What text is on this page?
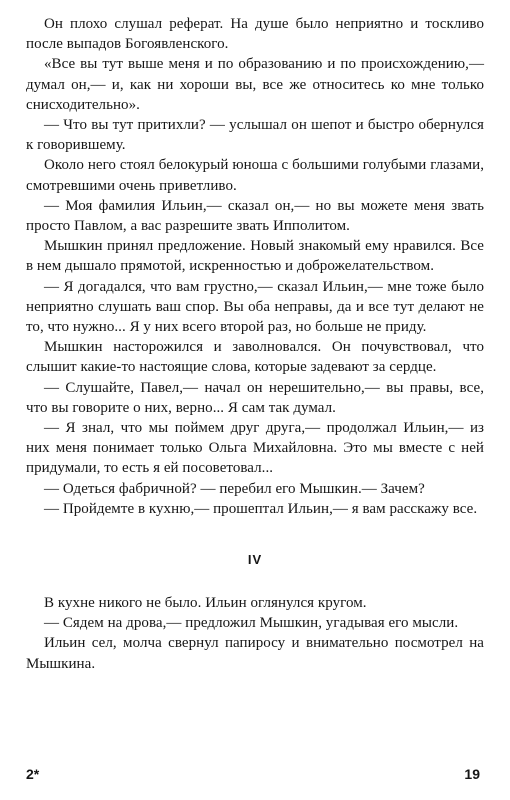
Он плохо слушал реферат. На душе было неприятно и тоскливо после выпадов Богоявленского.

«Все вы тут выше меня и по образованию и по происхождению,— думал он,— и, как ни хороши вы, все же относитесь ко мне только снисходительно».

— Что вы тут притихли? — услышал он шепот и быстро обернулся к говорившему.

Около него стоял белокурый юноша с большими голубыми глазами, смотревшими очень приветливо.

— Моя фамилия Ильин,— сказал он,— но вы можете меня звать просто Павлом, а вас разрешите звать Ипполитом.

Мышкин принял предложение. Новый знакомый ему нравился. Все в нем дышало прямотой, искренностью и доброжелательством.

— Я догадался, что вам грустно,— сказал Ильин,— мне тоже было неприятно слушать ваш спор. Вы оба неправы, да и все тут делают не то, что нужно... Я у них всего второй раз, но больше не приду.

Мышкин насторожился и заволновался. Он почувствовал, что слышит какие-то настоящие слова, которые задевают за сердце.

— Слушайте, Павел,— начал он нерешительно,— вы правы, все, что вы говорите о них, верно... Я сам так думал.

— Я знал, что мы поймем друг друга,— продолжал Ильин,— из них меня понимает только Ольга Михайловна. Это мы вместе с ней придумали, то есть я ей посоветовал...

— Одеться фабричной? — перебил его Мышкин.— Зачем?

— Пройдемте в кухню,— прошептал Ильин,— я вам расскажу все.

IV

В кухне никого не было. Ильин оглянулся кругом.

— Сядем на дрова,— предложил Мышкин, угадывая его мысли.

Ильин сел, молча свернул папиросу и внимательно посмотрел на Мышкина.

2*	19
